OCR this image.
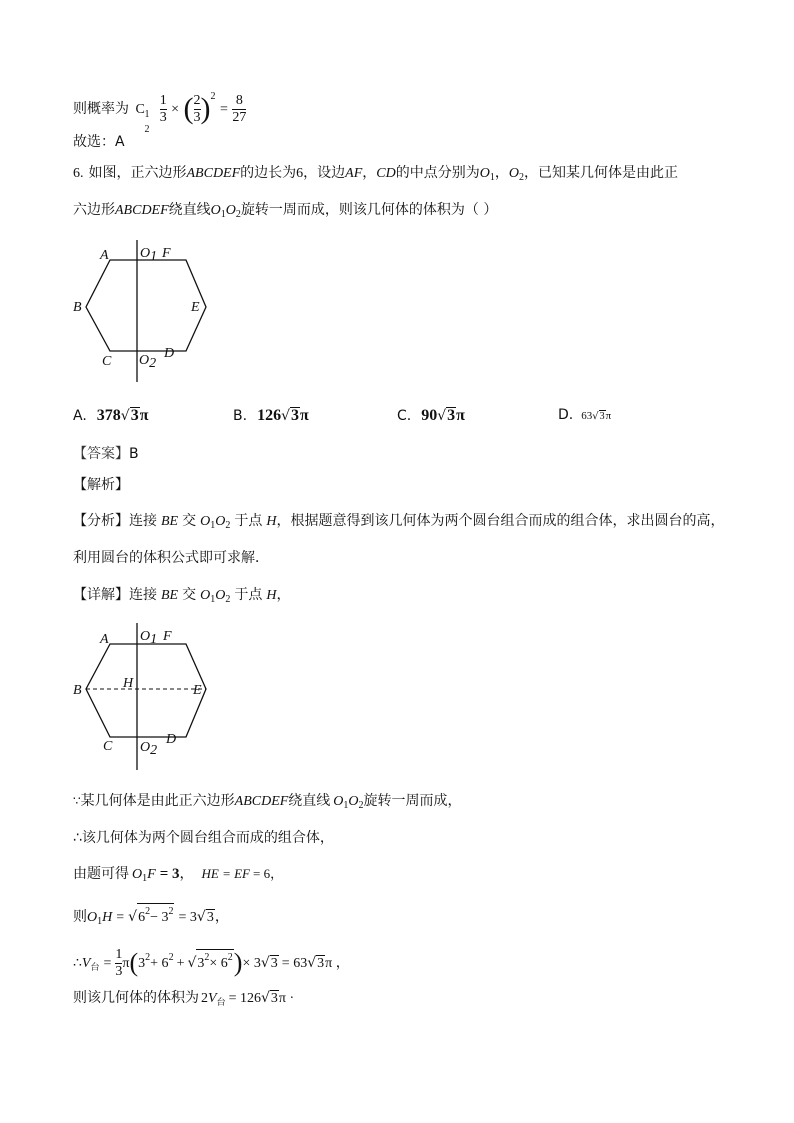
则概率为 C 1
2

$\frac{1}{3}$ × ( $\frac{2}{3} )^2 = \frac{8}{27}$
故选：A
6. 如图，正六边形ABCDEF的边长为6，设边AF，CD的中点分别为$O_1$，$O_2$，已知某几何体是由此正
六边形ABCDEF绕直线$O_1O_2$旋转一周而成，则该几何体的体积为（ ）
A O1 F
B	E
C O2
D
A. 378√3π	B. 126√3π	C. 90√3π	D. 63√3π
【答案】B
【解析】
【分析】连接 BE 交 $O_1O_2$ 于点 H，根据题意得到该几何体为两个圆台组合而成的组合体，求出圆台的高，
利用圆台的体积公式即可求解．
【详解】连接 BE 交 $O_1O_2$ 于点 H，
A O1 F
B	H	E
C O2
D
∵某几何体是由此正六边形ABCDEF绕直线 $O_1O_2$旋转一周而成，
∴该几何体为两个圆台组合而成的组合体，
由题可得 $O_1F = 3$， HE = EF = 6，
则$O_1H = √6^2- 3^2 = 3√3$，
$\therefore V_台 = \frac{1}{3} \pi(3^2+ 6^2 + √3^2\times 6^2)\times 3√3 = 63√3\pi$ ，
则该几何体的体积为 $2V_台 = 126√3\pi$ ·
